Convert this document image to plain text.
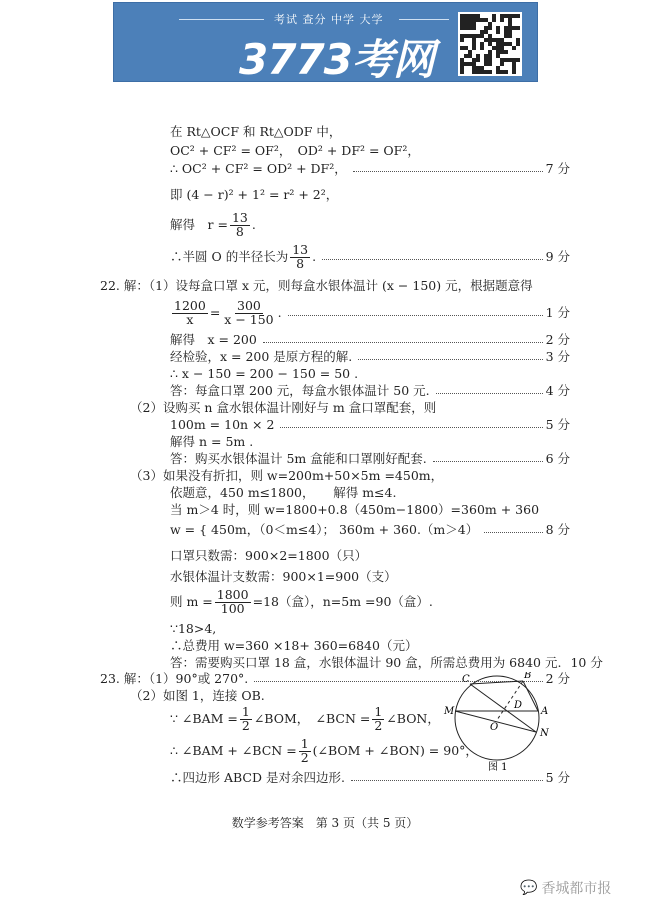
考试 查分 中学 大学
3773考网
在 Rt△OCF 和 Rt△ODF 中，
OC² + CF² = OF²，　OD² + DF² = OF²，
∴ OC² + CF² = OD² + DF²，	7 分
即 (4 − r)² + 1² = r² + 2²，
解得　$r = \frac{13}{8}$ .
∴半圆 O 的半径长为 $\frac{13}{8}$ .	9 分
22. 解：（1）设每盒口罩 x 元，则每盒水银体温计 (x − 150) 元，根据题意得
$\frac{1200}{x} = \frac{300}{x - 150}$ .	1 分
解得　x = 200	2 分
经检验，x = 200 是原方程的解.	3 分
∴ x − 150 = 200 − 150 = 50 .
答：每盒口罩 200 元，每盒水银体温计 50 元.	4 分
（2）设购买 n 盒水银体温计刚好与 m 盒口罩配套，则
100m = 10n × 2	5 分
解得 n = 5m .
答：购买水银体温计 5m 盒能和口罩刚好配套.	6 分
（3）如果没有折扣，则 w=200m+50×5m =450m，
依题意，450 m≤1800，　　解得 m≤4.
当 m＞4 时，则 w=1800+0.8（450m−1800）=360m + 360
w = { 450m，（0＜m≤4）； 360m + 360.（m＞4）	8 分
口罩只数需：900×2=1800（只）
水银体温计支数需：900×1=900（支）
则 $m = \frac{1800}{100} =18$（盒），n=5m =90（盒）.
∵18>4,
∴总费用 w=360 ×18+ 360=6840（元）
答：需要购买口罩 18 盒，水银体温计 90 盒，所需总费用为 6840 元. 10 分
23. 解：（1）90°或 270°.	2 分
（2）如图 1，连接 OB.
∵ ∠BAM = $\frac{1}{2}$ ∠BOM，　∠BCN = $\frac{1}{2}$ ∠BON，
∴ ∠BAM + ∠BCN = $\frac{1}{2}$ (∠BOM + ∠BON) = 90°，
∴四边形 ABCD 是对余四边形.	5 分
C	B
M
D
A
O
N
图 1
数学参考答案　第 3 页（共 5 页）
💬 香城都市报
